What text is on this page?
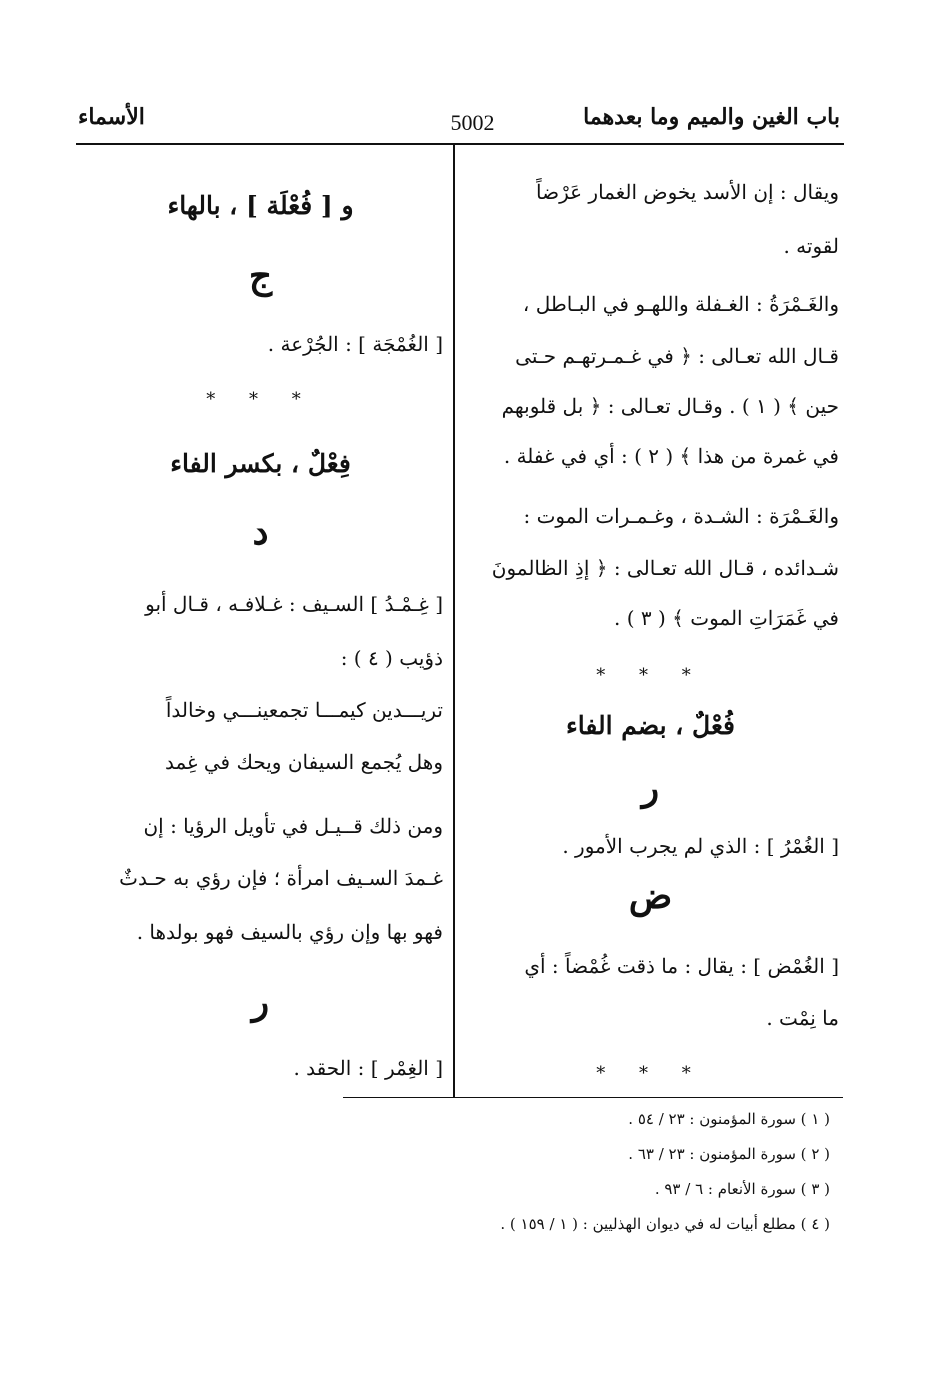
باب الغين والميم وما بعدهما
5002
الأسماء
ويقال : إن الأسد يخوض الغمار عَرْضاً
لقوته .
والغَـمْرَةُ : الغـفلة واللهـو في البـاطل ،
قـال الله تعـالى : ﴿ في غـمـرتهـم حـتى
حين ﴾ ( ١ ) . وقـال تعـالى : ﴿ بل قلوبهم
في غمرة من هذا ﴾ ( ٢ ) : أي في غفلة .
والغَـمْرَة : الشـدة ، وغـمـرات الموت :
شـدائده ، قـال الله تعـالى : ﴿ إذِ الظالمونَ
في غَمَرَاتِ الموت ﴾ ( ٣ ) .
* * *
فُعْلٌ ، بضم الفاء
ر
[ الغُمْرُ ] : الذي لم يجرب الأمور .
ض
[ الغُمْض ] : يقال : ما ذقت غُمْضاً : أي
ما نِمْت .
* * *
و [ فُعْلَة ] ، بالهاء
ج
[ الغُمْجَة ] : الجُرْعة .
* * *
فِعْلٌ ، بكسر الفاء
د
[ غِـمْـدُ ] السـيف : غـلافـه ، قـال أبو
ذؤيب ( ٤ ) :
تريـــدين كيمـــا تجمعينـــي وخالداً
وهل يُجمع السيفان ويحك في غِمد
ومن ذلك قــيـل في تأويل الرؤيا : إن
غـمدَ السـيف امرأة ؛ فإن رؤي به حـدثٌ
فهو بها وإن رؤي بالسيف فهو بولدها .
ر
[ الغِمْر ] : الحقد .
( ١ ) سورة المؤمنون : ٢٣ / ٥٤ .
( ٢ ) سورة المؤمنون : ٢٣ / ٦٣ .
( ٣ ) سورة الأنعام : ٦ / ٩٣ .
( ٤ ) مطلع أبيات له في ديوان الهذليين : ( ١ / ١٥٩ ) .
